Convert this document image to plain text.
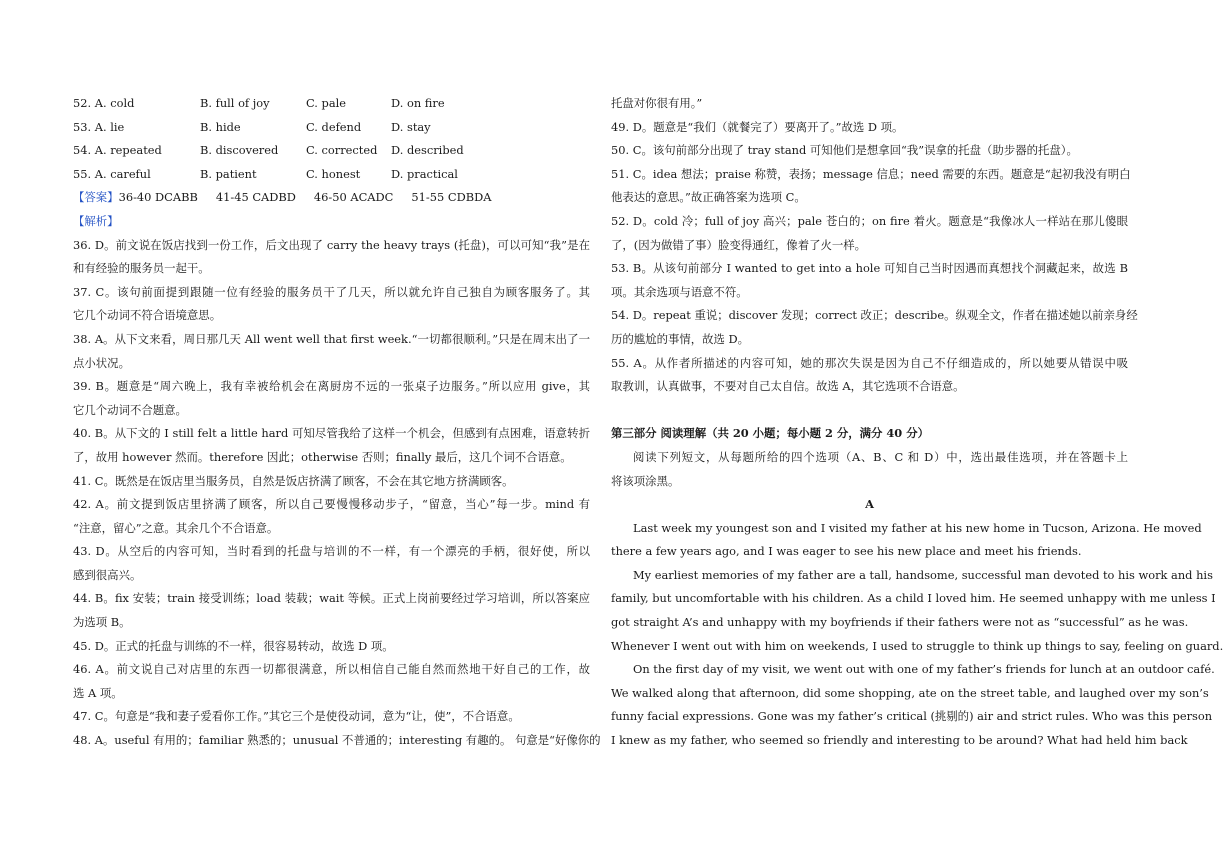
52. A. cold	B. full of joy	C. pale	D. on fire
53. A. lie	B. hide	C. defend	D. stay
54. A. repeated	B. discovered	C. corrected	D. described
55. A. careful	B. patient	C. honest	D. practical
【答案】36-40 DCABB 41-45 CADBD 46-50 ACADC 51-55 CDBDA
【解析】
36. D。前文说在饭店找到一份工作，后文出现了 carry the heavy trays (托盘)，可以可知“我”是在
和有经验的服务员一起干。
37. C。该句前面提到跟随一位有经验的服务员干了几天，所以就允许自己独自为顾客服务了。其
它几个动词不符合语境意思。
38. A。从下文来看，周日那几天 All went well that first week.“一切都很顺利。”只是在周末出了一
点小状况。
39. B。题意是“周六晚上，我有幸被给机会在离厨房不远的一张桌子边服务。”所以应用 give，其
它几个动词不合题意。
40. B。从下文的 I still felt a little hard 可知尽管我给了这样一个机会，但感到有点困难，语意转折
了，故用 however 然而。therefore 因此；otherwise 否则；finally 最后，这几个词不合语意。
41. C。既然是在饭店里当服务员，自然是饭店挤满了顾客，不会在其它地方挤满顾客。
42. A。前文提到饭店里挤满了顾客，所以自己要慢慢移动步子，“留意，当心”每一步。mind 有
“注意，留心”之意。其余几个不合语意。
43. D。从空后的内容可知，当时看到的托盘与培训的不一样，有一个漂亮的手柄，很好使，所以
感到很高兴。
44. B。fix 安装；train 接受训练；load 装载；wait 等候。正式上岗前要经过学习培训，所以答案应
为选项 B。
45. D。正式的托盘与训练的不一样，很容易转动，故选 D 项。
46. A。前文说自己对店里的东西一切都很满意，所以相信自己能自然而然地干好自己的工作，故
选 A 项。
47. C。句意是“我和妻子爱看你工作。”其它三个是使役动词，意为“让，使”，不合语意。
48. A。useful 有用的；familiar 熟悉的；unusual 不普通的；interesting 有趣的。 句意是“好像你的
托盘对你很有用。”
49. D。题意是“我们（就餐完了）要离开了。”故选 D 项。
50. C。该句前部分出现了 tray stand 可知他们是想拿回“我”误拿的托盘（助步器的托盘）。
51. C。idea 想法；praise 称赞，表扬；message 信息；need 需要的东西。题意是“起初我没有明白
他表达的意思。”故正确答案为选项 C。
52. D。cold 冷；full of joy 高兴；pale 苍白的；on fire 着火。题意是“我像冰人一样站在那儿傻眼
了，(因为做错了事）脸变得通红，像着了火一样。
53. B。从该句前部分 I wanted to get into a hole 可知自己当时因遇而真想找个洞藏起来，故选 B
项。其余选项与语意不符。
54. D。repeat 重说；discover 发现；correct 改正；describe。纵观全文，作者在描述她以前亲身经
历的尴尬的事情，故选 D。
55. A。从作者所描述的内容可知，她的那次失误是因为自己不仔细造成的，所以她要从错误中吸
取教训，认真做事，不要对自己太自信。故选 A，其它选项不合语意。
第三部分 阅读理解（共 20 小题；每小题 2 分，满分 40 分）
阅读下列短文，从每题所给的四个选项（A、B、C 和 D）中，选出最佳选项，并在答题卡上
将该项涂黑。
A
Last week my youngest son and I visited my father at his new home in Tucson, Arizona. He moved
there a few years ago, and I was eager to see his new place and meet his friends.
My earliest memories of my father are a tall, handsome, successful man devoted to his work and his
family, but uncomfortable with his children. As a child I loved him. He seemed unhappy with me unless I
got straight A’s and unhappy with my boyfriends if their fathers were not as “successful” as he was.
Whenever I went out with him on weekends, I used to struggle to think up things to say, feeling on guard.
On the first day of my visit, we went out with one of my father’s friends for lunch at an outdoor café.
We walked along that afternoon, did some shopping, ate on the street table, and laughed over my son’s
funny facial expressions. Gone was my father’s critical (挑剔的) air and strict rules. Who was this person
I knew as my father, who seemed so friendly and interesting to be around? What had held him back
